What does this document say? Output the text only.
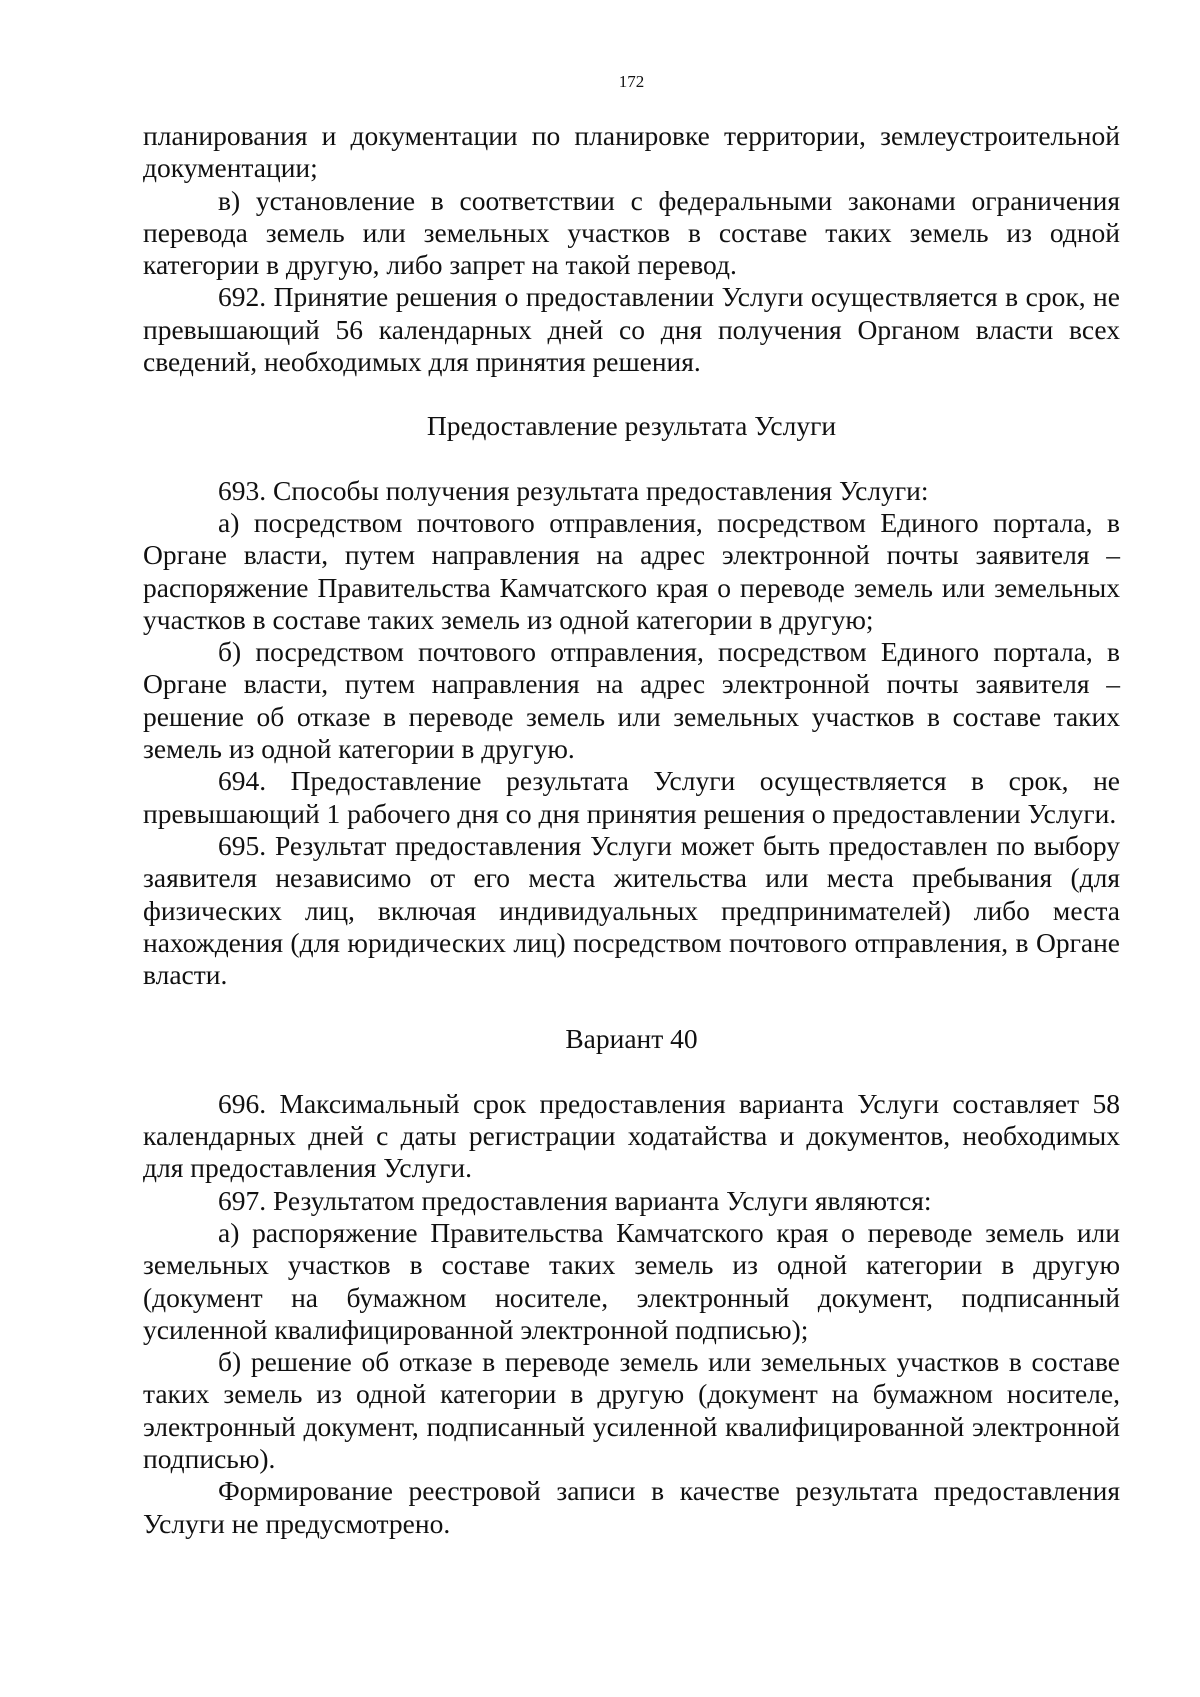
172

планирования и документации по планировке территории, землеустроительной документации;

в) установление в соответствии с федеральными законами ограничения перевода земель или земельных участков в составе таких земель из одной категории в другую, либо запрет на такой перевод.

692. Принятие решения о предоставлении Услуги осуществляется в срок, не превышающий 56 календарных дней со дня получения Органом власти всех сведений, необходимых для принятия решения.

Предоставление результата Услуги

693. Способы получения результата предоставления Услуги:

а) посредством почтового отправления, посредством Единого портала, в Органе власти, путем направления на адрес электронной почты заявителя – распоряжение Правительства Камчатского края о переводе земель или земельных участков в составе таких земель из одной категории в другую;

б) посредством почтового отправления, посредством Единого портала, в Органе власти, путем направления на адрес электронной почты заявителя – решение об отказе в переводе земель или земельных участков в составе таких земель из одной категории в другую.

694. Предоставление результата Услуги осуществляется в срок, не превышающий 1 рабочего дня со дня принятия решения о предоставлении Услуги.

695. Результат предоставления Услуги может быть предоставлен по выбору заявителя независимо от его места жительства или места пребывания (для физических лиц, включая индивидуальных предпринимателей) либо места нахождения (для юридических лиц) посредством почтового отправления, в Органе власти.

Вариант 40

696. Максимальный срок предоставления варианта Услуги составляет 58 календарных дней с даты регистрации ходатайства и документов, необходимых для предоставления Услуги.

697. Результатом предоставления варианта Услуги являются:

а) распоряжение Правительства Камчатского края о переводе земель или земельных участков в составе таких земель из одной категории в другую (документ на бумажном носителе, электронный документ, подписанный усиленной квалифицированной электронной подписью);

б) решение об отказе в переводе земель или земельных участков в составе таких земель из одной категории в другую (документ на бумажном носителе, электронный документ, подписанный усиленной квалифицированной электронной подписью).

Формирование реестровой записи в качестве результата предоставления Услуги не предусмотрено.
